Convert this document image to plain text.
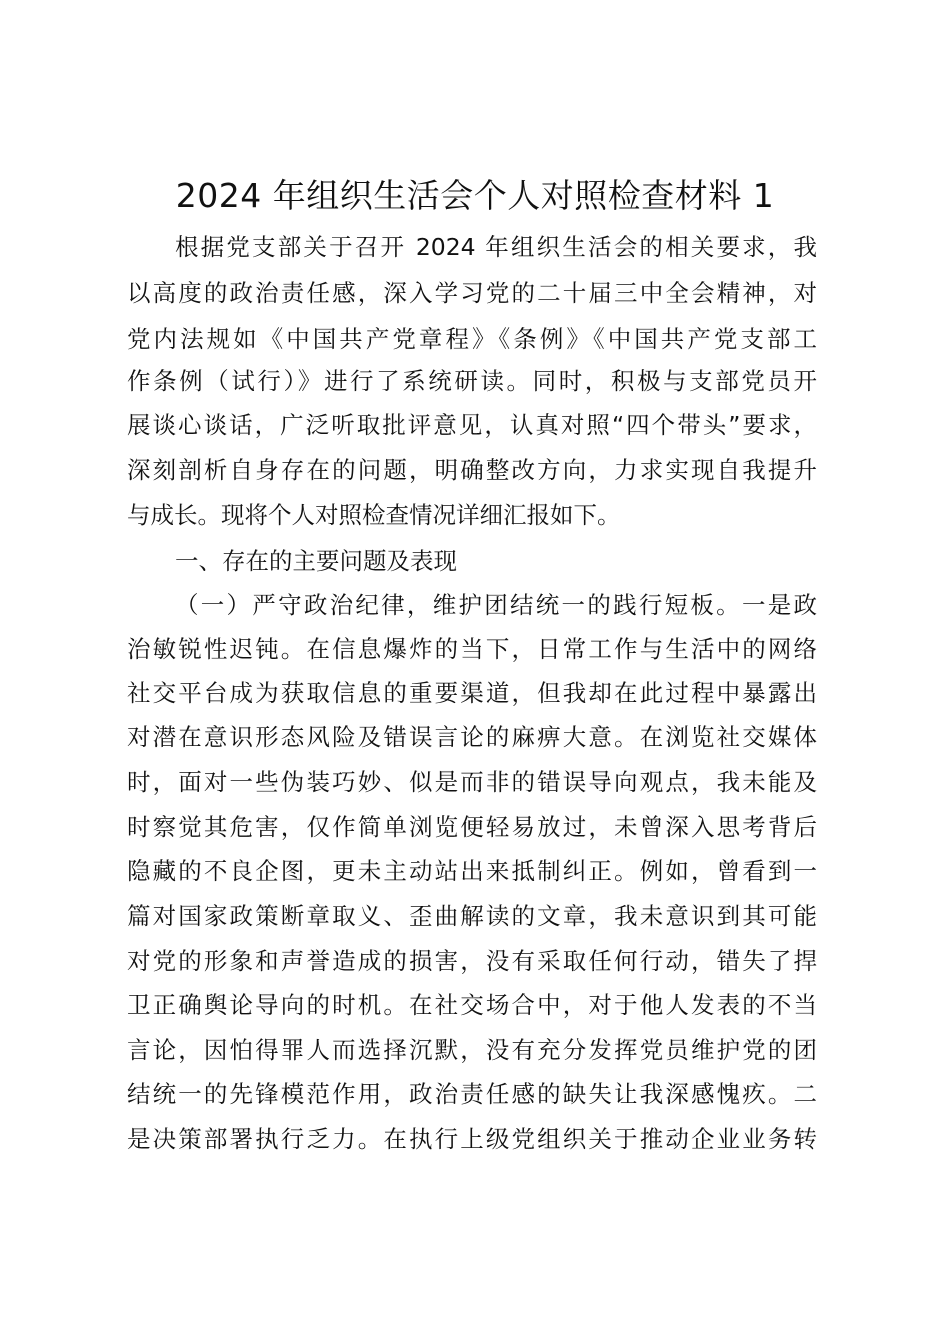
2024 年组织生活会个人对照检查材料 1
根据党支部关于召开 2024 年组织生活会的相关要求，我
以高度的政治责任感，深入学习党的二十届三中全会精神，对
党内法规如《中国共产党章程》《条例》《中国共产党支部工
作条例（试行）》进行了系统研读。同时，积极与支部党员开
展谈心谈话，广泛听取批评意见，认真对照“四个带头”要求，
深刻剖析自身存在的问题，明确整改方向，力求实现自我提升
与成长。现将个人对照检查情况详细汇报如下。
一、存在的主要问题及表现
（一）严守政治纪律，维护团结统一的践行短板。一是政
治敏锐性迟钝。在信息爆炸的当下，日常工作与生活中的网络
社交平台成为获取信息的重要渠道，但我却在此过程中暴露出
对潜在意识形态风险及错误言论的麻痹大意。在浏览社交媒体
时，面对一些伪装巧妙、似是而非的错误导向观点，我未能及
时察觉其危害，仅作简单浏览便轻易放过，未曾深入思考背后
隐藏的不良企图，更未主动站出来抵制纠正。例如，曾看到一
篇对国家政策断章取义、歪曲解读的文章，我未意识到其可能
对党的形象和声誉造成的损害，没有采取任何行动，错失了捍
卫正确舆论导向的时机。在社交场合中，对于他人发表的不当
言论，因怕得罪人而选择沉默，没有充分发挥党员维护党的团
结统一的先锋模范作用，政治责任感的缺失让我深感愧疚。二
是决策部署执行乏力。在执行上级党组织关于推动企业业务转
